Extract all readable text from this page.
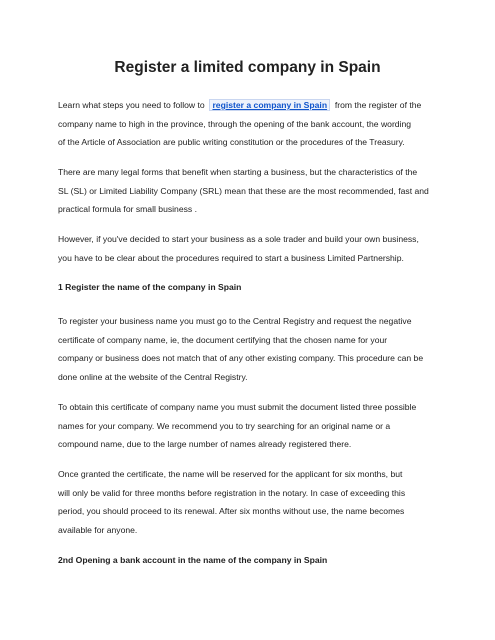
Register a limited company in Spain

Learn what steps you need to follow to register a company in Spain from the register of the
company name to high in the province, through the opening of the bank account, the wording
of the Article of Association are public writing constitution or the procedures of the Treasury.

There are many legal forms that benefit when starting a business, but the characteristics of the
SL (SL) or Limited Liability Company (SRL) mean that these are the most recommended, fast and
practical formula for small business .

However, if you've decided to start your business as a sole trader and build your own business,
you have to be clear about the procedures required to start a business Limited Partnership.

1 Register the name of the company in Spain

To register your business name you must go to the Central Registry and request the negative
certificate of company name, ie, the document certifying that the chosen name for your
company or business does not match that of any other existing company. This procedure can be
done online at the website of the Central Registry.

To obtain this certificate of company name you must submit the document listed three possible
names for your company. We recommend you to try searching for an original name or a
compound name, due to the large number of names already registered there.

Once granted the certificate, the name will be reserved for the applicant for six months, but
will only be valid for three months before registration in the notary. In case of exceeding this
period, you should proceed to its renewal. After six months without use, the name becomes
available for anyone.

2nd Opening a bank account in the name of the company in Spain
